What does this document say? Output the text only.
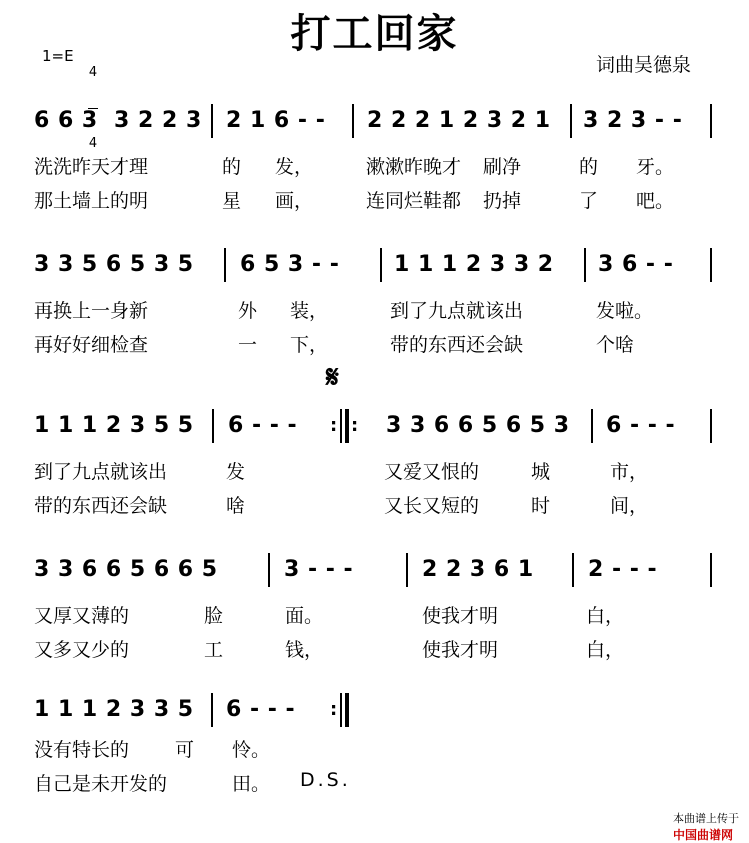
打工回家
1=E

4

4

词曲吴德泉
6 6 3  3 2 2 3 2 1 6 - - 2 2 2 1 2 3 2 1 3 2 3 - -
洗洗昨天才理	的 发，	漱漱昨晚才 刷净	的 牙。
那土墙上的明	星 画，	连同烂鞋都 扔掉	了 吧。
3 3 5 6 5 3 5 6 5 3 - - 1 1 1 2 3 3 2 3 6 - -
再换上一身新	外 装，	到了九点就该出	发啦。
再好好细检查	一 下，	带的东西还会缺	个啥
𝄋
1 1 1 2 3 5 5 6 - - - : : 3 3 6 6 5 6 5 3 6 - - -
到了九点就该出	发	又爱又恨的	城	市，
带的东西还会缺	啥	又长又短的	时	间，
3 3 6 6 5 6 6 5	3 - - -	2 2 3 6 1 2 - - -
又厚又薄的	脸	面。	使我才明	白，
又多又少的	工	钱，	使我才明	白，
1 1 1 2 3 3 5 6 - - - :
没有特长的 可 怜。
自己是未开发的	田。 D.S.

本曲谱上传于
中国曲谱网
